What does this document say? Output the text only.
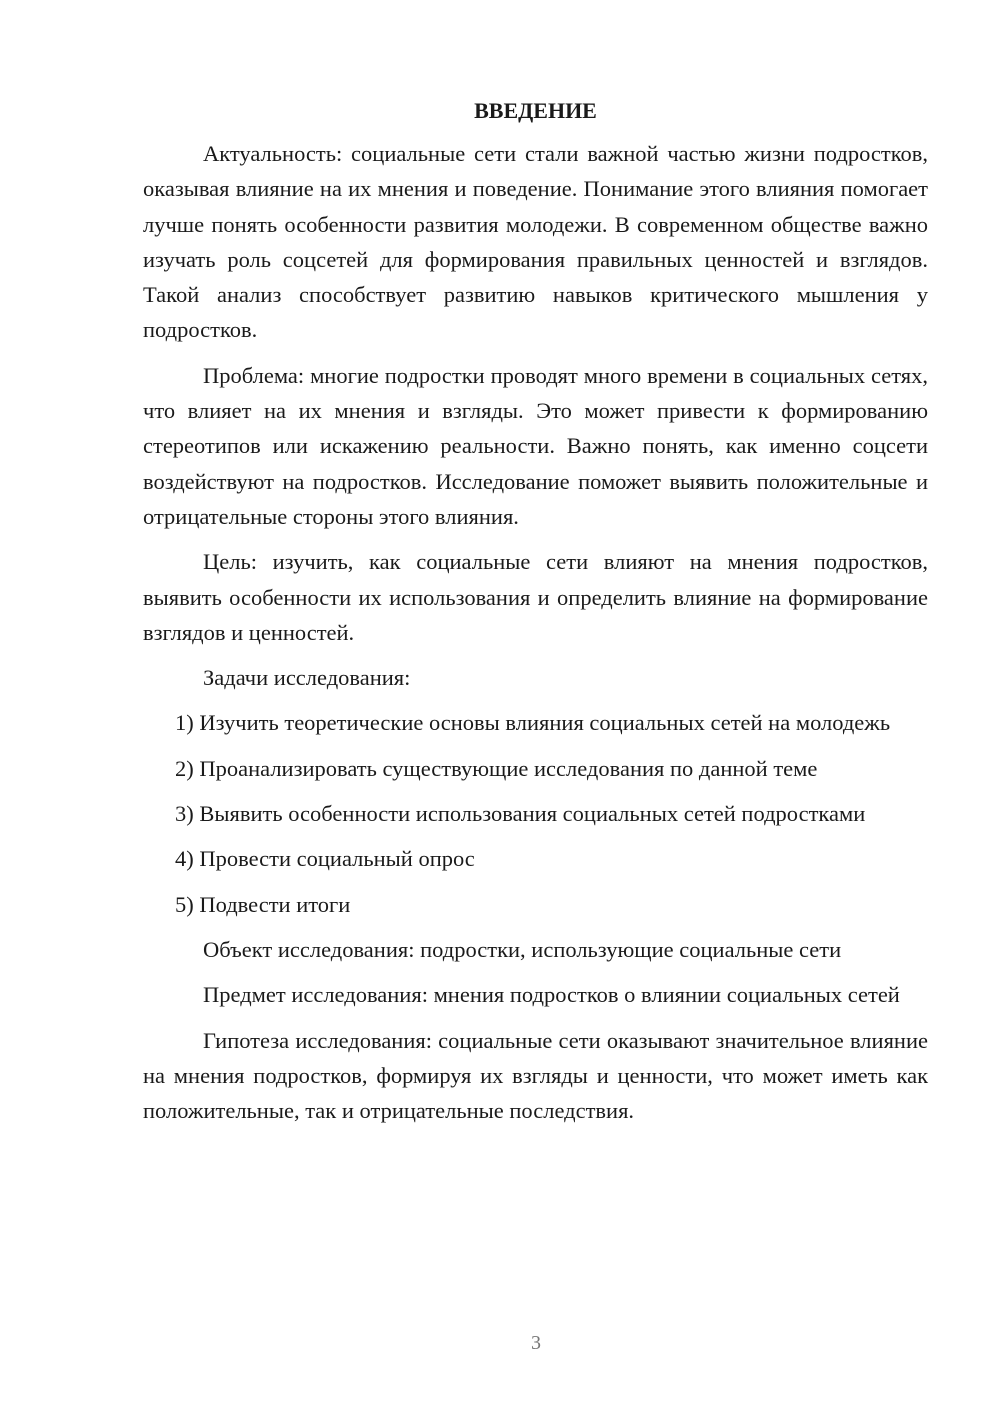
ВВЕДЕНИЕ
Актуальность: социальные сети стали важной частью жизни подростков, оказывая влияние на их мнения и поведение. Понимание этого влияния помогает лучше понять особенности развития молодежи. В современном обществе важно изучать роль соцсетей для формирования правильных ценностей и взглядов. Такой анализ способствует развитию навыков критического мышления у подростков.
Проблема: многие подростки проводят много времени в социальных сетях, что влияет на их мнения и взгляды. Это может привести к формированию стереотипов или искажению реальности. Важно понять, как именно соцсети воздействуют на подростков. Исследование поможет выявить положительные и отрицательные стороны этого влияния.
Цель: изучить, как социальные сети влияют на мнения подростков, выявить особенности их использования и определить влияние на формирование взглядов и ценностей.
Задачи исследования:
1) Изучить теоретические основы влияния социальных сетей на молодежь
2) Проанализировать существующие исследования по данной теме
3) Выявить особенности использования социальных сетей подростками
4) Провести социальный опрос
5) Подвести итоги
Объект исследования: подростки, использующие социальные сети
Предмет исследования: мнения подростков о влиянии социальных сетей
Гипотеза исследования: социальные сети оказывают значительное влияние на мнения подростков, формируя их взгляды и ценности, что может иметь как положительные, так и отрицательные последствия.
3
